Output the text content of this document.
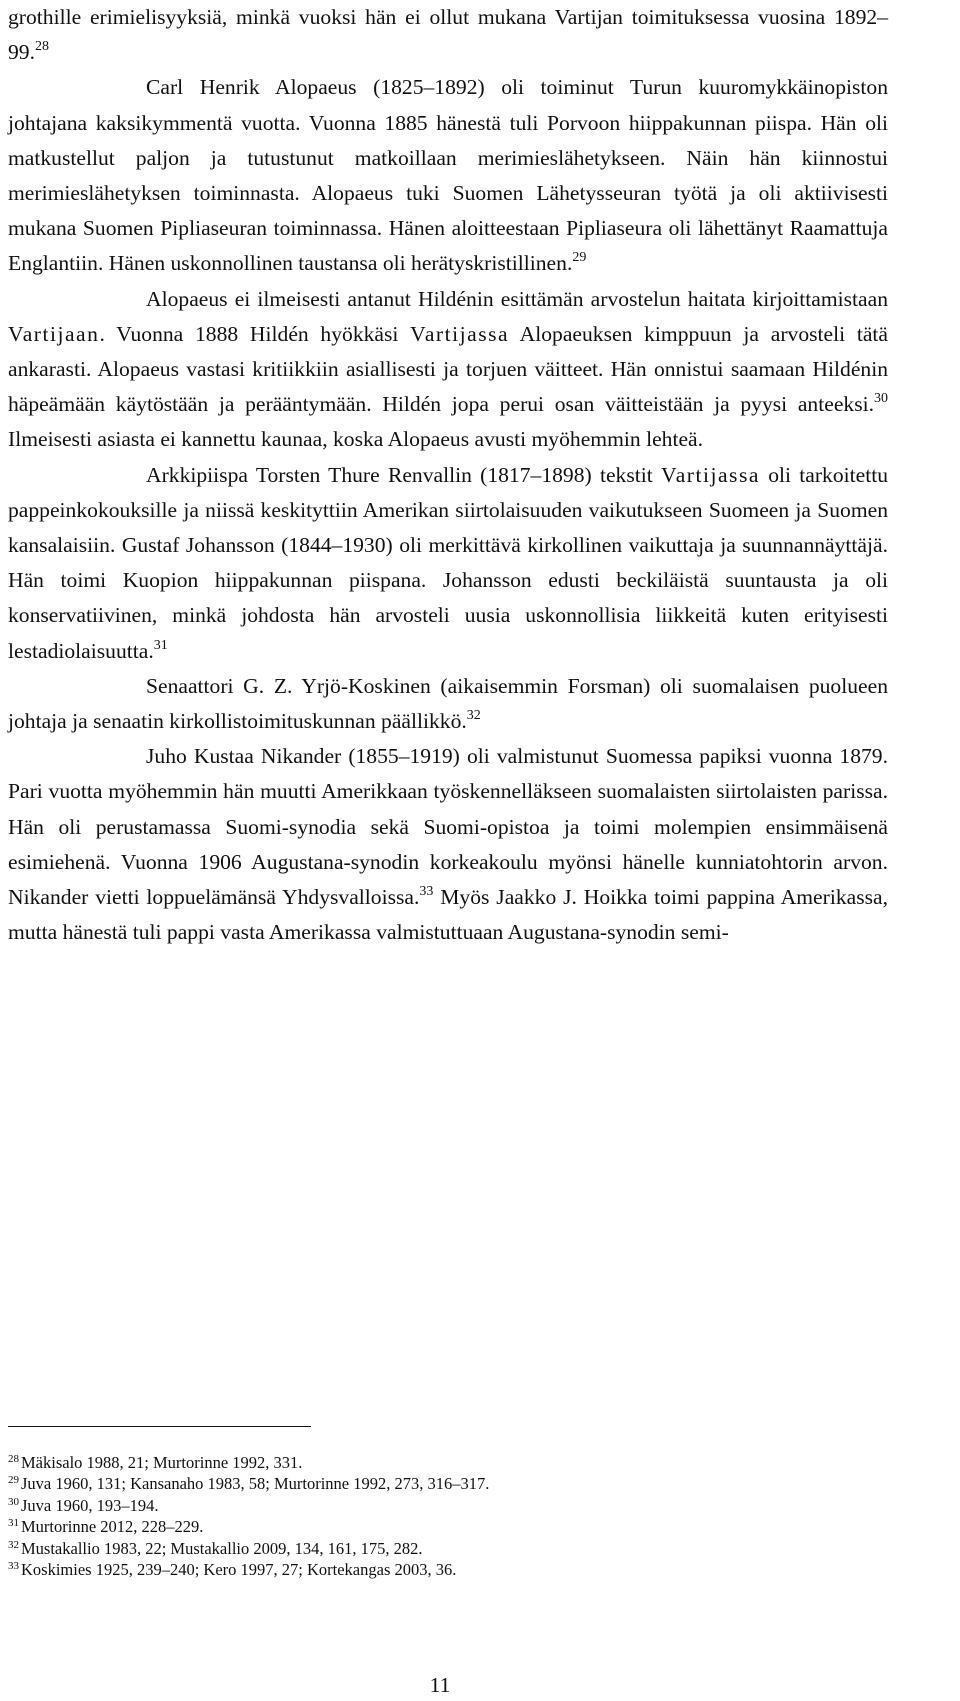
grothille erimielisyyksiä, minkä vuoksi hän ei ollut mukana Vartijan toimituksessa vuosina 1892–99.28

Carl Henrik Alopaeus (1825–1892) oli toiminut Turun kuuromykkäinopiston johtajana kaksikymmentä vuotta. Vuonna 1885 hänestä tuli Porvoon hiippakunnan piispa. Hän oli matkustellut paljon ja tutustunut matkoillaan merimieslähetykseen. Näin hän kiinnostui merimieslähetyksen toiminnasta. Alopaeus tuki Suomen Lähetysseuran työtä ja oli aktiivisesti mukana Suomen Pipliaseuran toiminnassa. Hänen aloitteestaan Pipliaseura oli lähettänyt Raamattuja Englantiin. Hänen uskonnollinen taustansa oli herätyskristillinen.$^{29}$

Alopaeus ei ilmeisesti antanut Hildénin esittämän arvostelun haitata kirjoittamistaan Vartijaan. Vuonna 1888 Hildén hyökkäsi Vartijassa Alopaeuksen kimppuun ja arvosteli tätä ankarasti. Alopaeus vastasi kritiikkiin asiallisesti ja torjuen väitteet. Hän onnistui saamaan Hildénin häpeämään käytöstään ja perääntymään. Hildén jopa perui osan väitteistään ja pyysi anteeksi.$^{30}$ Ilmeisesti asiasta ei kannettu kaunaa, koska Alopaeus avusti myöhemmin lehteä.

Arkkipiispa Torsten Thure Renvallin (1817–1898) tekstit Vartijassa oli tarkoitettu pappeinkokouksille ja niissä keskityttiin Amerikan siirtolaisuuden vaikutukseen Suomeen ja Suomen kansalaisiin. Gustaf Johansson (1844–1930) oli merkittävä kirkollinen vaikuttaja ja suunnannäyttäjä. Hän toimi Kuopion hiippakunnan piispana. Johansson edusti beckiläistä suuntausta ja oli konservatiivinen, minkä johdosta hän arvosteli uusia uskonnollisia liikkeitä kuten erityisesti lestadiolaisuutta.$^{31}$

Senaattori G. Z. Yrjö-Koskinen (aikaisemmin Forsman) oli suomalaisen puolueen johtaja ja senaatin kirkollistoimituskunnan päällikkö.$^{32}$

Juho Kustaa Nikander (1855–1919) oli valmistunut Suomessa papiksi vuonna 1879. Pari vuotta myöhemmin hän muutti Amerikkaan työskennelläkseen suomalaisten siirtolaisten parissa. Hän oli perustamassa Suomi-synodia sekä Suomi-opistoa ja toimi molempien ensimmäisenä esimiehenä. Vuonna 1906 Augustana-synodin korkeakoulu myönsi hänelle kunniatohtorin arvon. Nikander vietti loppuelämänsä Yhdysvalloissa.$^{33}$ Myös Jaakko J. Hoikka toimi pappina Amerikassa, mutta hänestä tuli pappi vasta Amerikassa valmistuttuaan Augustana-synodin semi-

$^{28}$ Mäkisalo 1988, 21; Murtorinne 1992, 331.
$^{29}$ Juva 1960, 131; Kansanaho 1983, 58; Murtorinne 1992, 273, 316–317.
$^{30}$ Juva 1960, 193–194.
$^{31}$ Murtorinne 2012, 228–229.
$^{32}$ Mustakallio 1983, 22; Mustakallio 2009, 134, 161, 175, 282.
$^{33}$ Koskimies 1925, 239–240; Kero 1997, 27; Kortekangas 2003, 36.
11
